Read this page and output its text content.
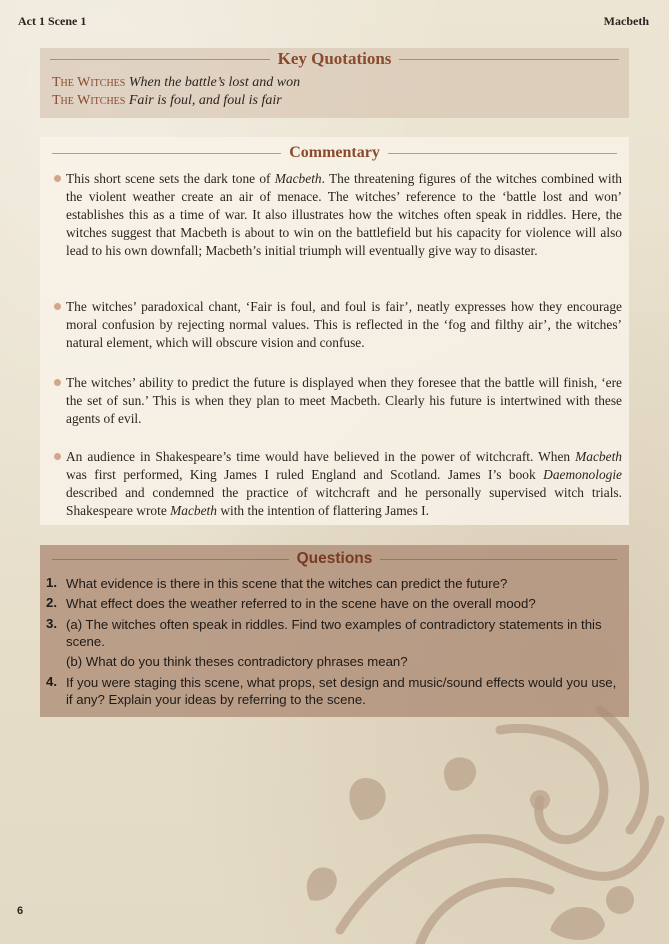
Act 1 Scene 1	Macbeth
Key Quotations
The Witches When the battle’s lost and won
The Witches Fair is foul, and foul is fair
Commentary
This short scene sets the dark tone of Macbeth. The threatening figures of the witches combined with the violent weather create an air of menace. The witches’ reference to the ‘battle lost and won’ establishes this as a time of war. It also illustrates how the witches often speak in riddles. Here, the witches suggest that Macbeth is about to win on the battlefield but his capacity for violence will also lead to his own downfall; Macbeth’s initial triumph will eventually give way to disaster.
The witches’ paradoxical chant, ‘Fair is foul, and foul is fair’, neatly expresses how they encourage moral confusion by rejecting normal values. This is reflected in the ‘fog and filthy air’, the witches’ natural element, which will obscure vision and confuse.
The witches’ ability to predict the future is displayed when they foresee that the battle will finish, ‘ere the set of sun.’ This is when they plan to meet Macbeth. Clearly his future is intertwined with these agents of evil.
An audience in Shakespeare’s time would have believed in the power of witchcraft. When Macbeth was first performed, King James I ruled England and Scotland. James I’s book Daemonologie described and condemned the practice of witchcraft and he personally supervised witch trials. Shakespeare wrote Macbeth with the intention of flattering James I.
Questions
1. What evidence is there in this scene that the witches can predict the future?
2. What effect does the weather referred to in the scene have on the overall mood?
3. (a) The witches often speak in riddles. Find two examples of contradictory statements in this scene.
(b) What do you think theses contradictory phrases mean?
4. If you were staging this scene, what props, set design and music/sound effects would you use, if any? Explain your ideas by referring to the scene.
6
